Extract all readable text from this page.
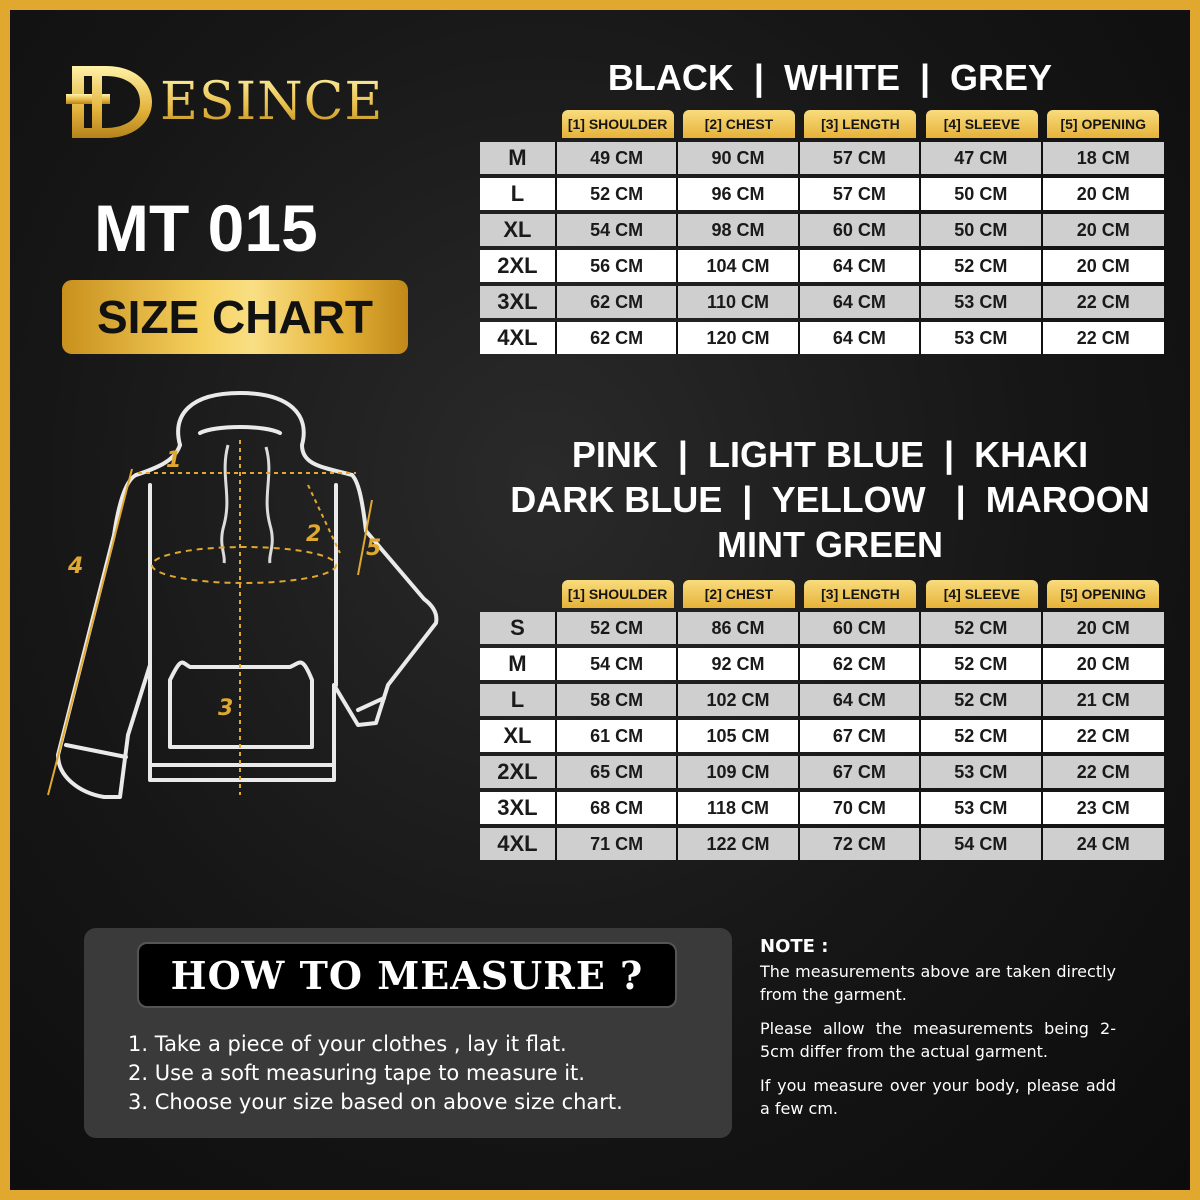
ESINCE
MT 015
SIZE CHART
1
2
3
4
5
BLACK  |  WHITE  |  GREY
	[1] SHOULDER	[2] CHEST	[3] LENGTH	[4] SLEEVE	[5] OPENING
M	49 CM	90 CM	57 CM	47 CM	18 CM
L	52 CM	96 CM	57 CM	50 CM	20 CM
XL	54 CM	98 CM	60 CM	50 CM	20 CM
2XL	56 CM	104 CM	64 CM	52 CM	20 CM
3XL	62 CM	110 CM	64 CM	53 CM	22 CM
4XL	62 CM	120 CM	64 CM	53 CM	22 CM
PINK  |  LIGHT BLUE  |  KHAKI
DARK BLUE  |  YELLOW   |  MAROON
MINT GREEN
	[1] SHOULDER	[2] CHEST	[3] LENGTH	[4] SLEEVE	[5] OPENING
S	52 CM	86 CM	60 CM	52 CM	20 CM
M	54 CM	92 CM	62 CM	52 CM	20 CM
L	58 CM	102 CM	64 CM	52 CM	21 CM
XL	61 CM	105 CM	67 CM	52 CM	22 CM
2XL	65 CM	109 CM	67 CM	53 CM	22 CM
3XL	68 CM	118 CM	70 CM	53 CM	23 CM
4XL	71 CM	122 CM	72 CM	54 CM	24 CM
HOW TO MEASURE ?
1. Take a piece of your clothes , lay it flat.
2. Use a soft measuring tape to measure it.
3. Choose your size based on above size chart.
NOTE :

The measurements above are taken directly from the garment.

Please allow the measurements being 2-5cm differ from the actual garment.

If you measure over your body, please add a few cm.
